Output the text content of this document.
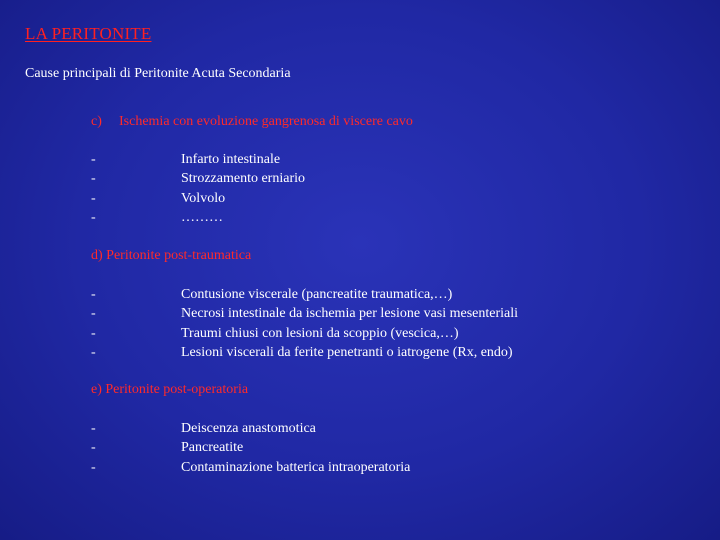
LA PERITONITE

Cause principali di Peritonite Acuta Secondaria

c) Ischemia con evoluzione gangrenosa di viscere cavo

-	Infarto intestinale
-	Strozzamento erniario
-	Volvolo
-	………

d) Peritonite post-traumatica

-	Contusione viscerale (pancreatite traumatica,…)
-	Necrosi intestinale da ischemia per lesione vasi mesenteriali
-	Traumi chiusi con lesioni da scoppio (vescica,…)
-	Lesioni viscerali da ferite penetranti o iatrogene (Rx, endo)

e) Peritonite post-operatoria

-	Deiscenza anastomotica
-	Pancreatite
-	Contaminazione batterica intraoperatoria
